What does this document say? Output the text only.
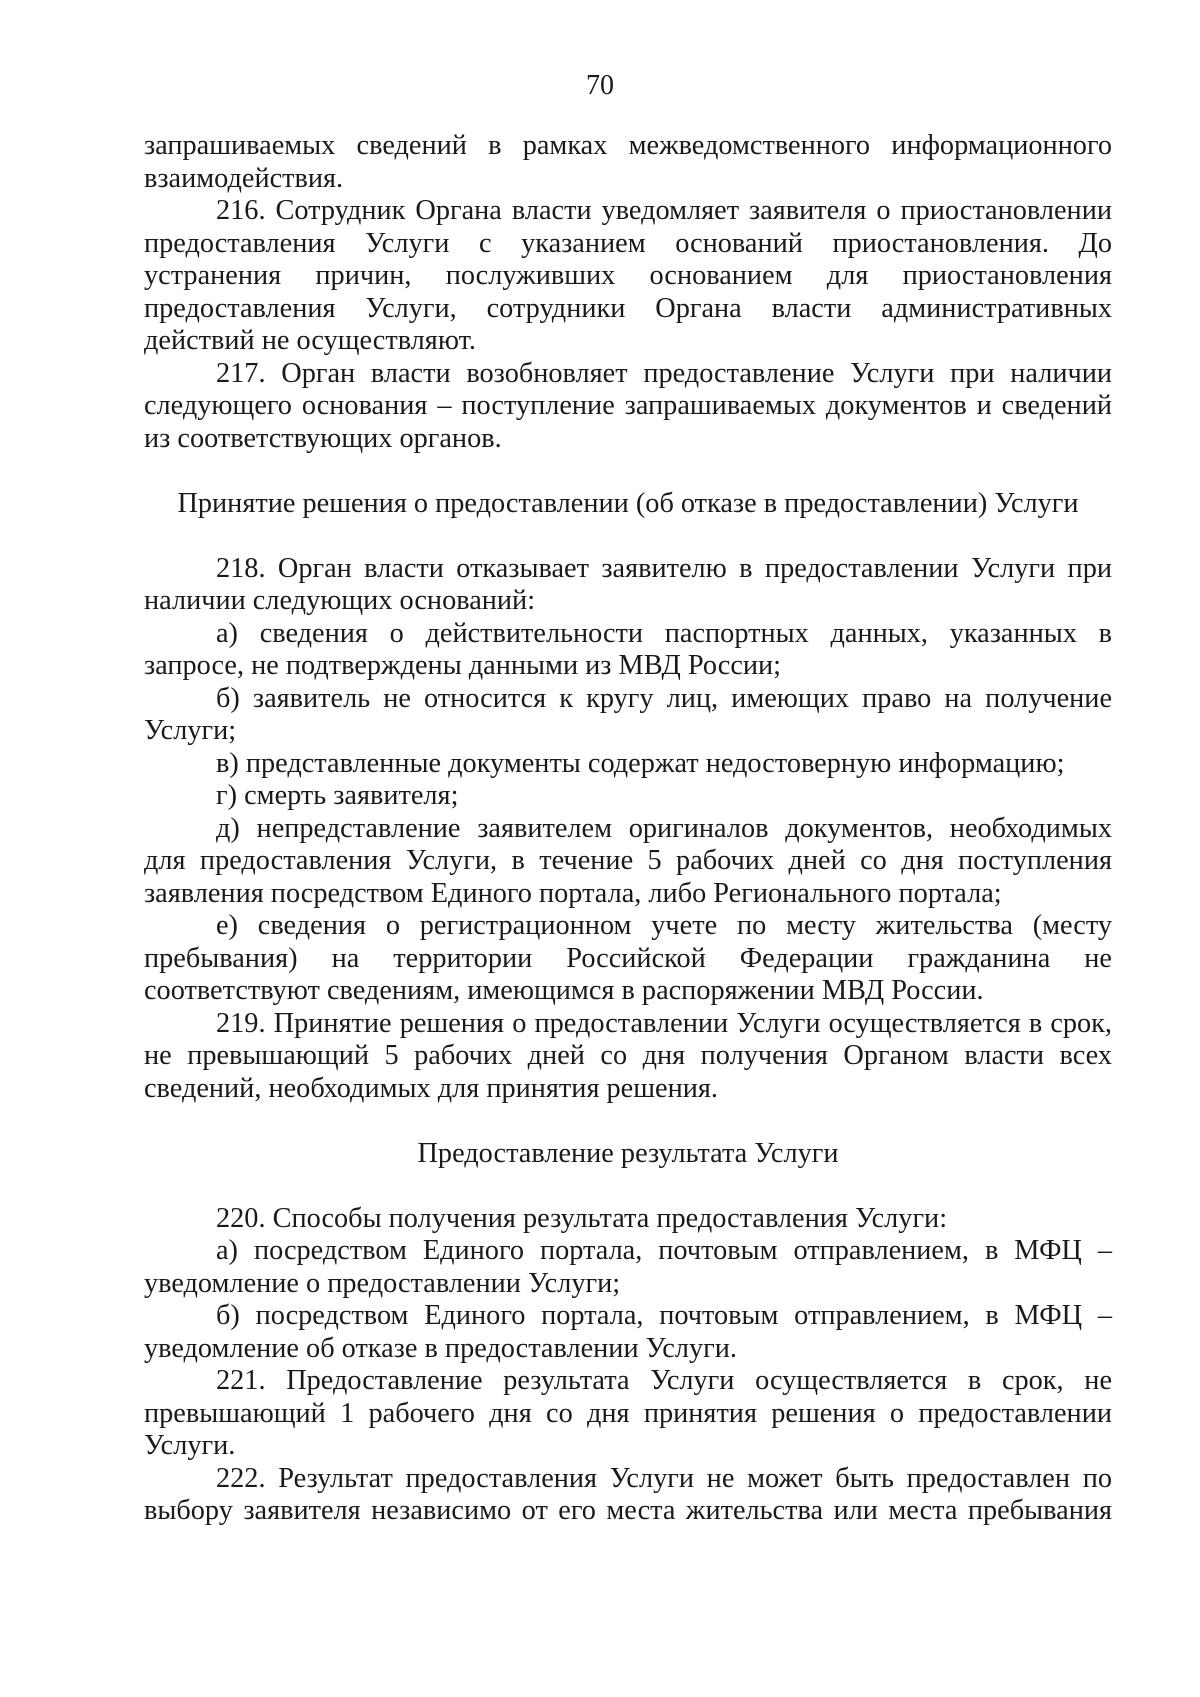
70

запрашиваемых сведений в рамках межведомственного информационного взаимодействия.

216. Сотрудник Органа власти уведомляет заявителя о приостановлении предоставления Услуги с указанием оснований приостановления. До устранения причин, послуживших основанием для приостановления предоставления Услуги, сотрудники Органа власти административных действий не осуществляют.

217. Орган власти возобновляет предоставление Услуги при наличии следующего основания – поступление запрашиваемых документов и сведений из соответствующих органов.

Принятие решения о предоставлении (об отказе в предоставлении) Услуги

218. Орган власти отказывает заявителю в предоставлении Услуги при наличии следующих оснований:

а) сведения о действительности паспортных данных, указанных в запросе, не подтверждены данными из МВД России;

б) заявитель не относится к кругу лиц, имеющих право на получение Услуги;

в) представленные документы содержат недостоверную информацию;

г) смерть заявителя;

д) непредставление заявителем оригиналов документов, необходимых для предоставления Услуги, в течение 5 рабочих дней со дня поступления заявления посредством Единого портала, либо Регионального портала;

е) сведения о регистрационном учете по месту жительства (месту пребывания) на территории Российской Федерации гражданина не соответствуют сведениям, имеющимся в распоряжении МВД России.

219. Принятие решения о предоставлении Услуги осуществляется в срок, не превышающий 5 рабочих дней со дня получения Органом власти всех сведений, необходимых для принятия решения.

Предоставление результата Услуги

220. Способы получения результата предоставления Услуги:

а) посредством Единого портала, почтовым отправлением, в МФЦ – уведомление о предоставлении Услуги;

б) посредством Единого портала, почтовым отправлением, в МФЦ – уведомление об отказе в предоставлении Услуги.

221. Предоставление результата Услуги осуществляется в срок, не превышающий 1 рабочего дня со дня принятия решения о предоставлении Услуги.

222. Результат предоставления Услуги не может быть предоставлен по выбору заявителя независимо от его места жительства или места пребывания
